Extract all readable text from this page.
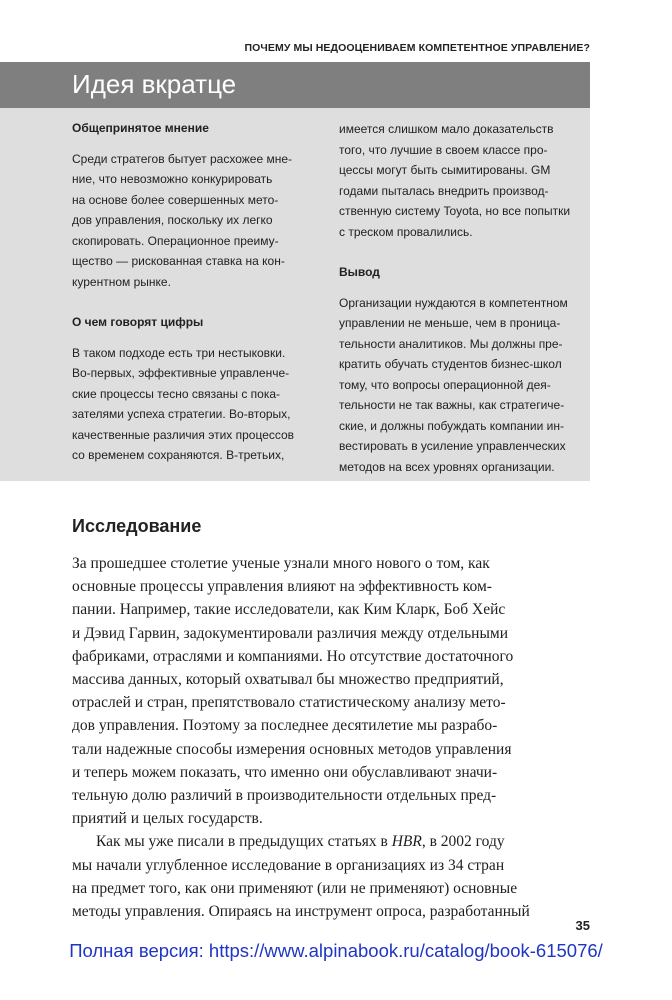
ПОЧЕМУ МЫ НЕДООЦЕНИВАЕМ КОМПЕТЕНТНОЕ УПРАВЛЕНИЕ?
Идея вкратце
Общепринятое мнение
Среди стратегов бытует расхожее мне-
ние, что невозможно конкурировать
на основе более совершенных мето-
дов управления, поскольку их легко
скопировать. Операционное преиму-
щество — рискованная ставка на кон-
курентном рынке.
О чем говорят цифры
В таком подходе есть три нестыковки.
Во-первых, эффективные управленче-
ские процессы тесно связаны с пока-
зателями успеха стратегии. Во-вторых,
качественные различия этих процессов
со временем сохраняются. В-третьих,
имеется слишком мало доказательств
того, что лучшие в своем классе про-
цессы могут быть сымитированы. GM
годами пыталась внедрить производ-
ственную систему Toyota, но все попытки
с треском провалились.
Вывод
Организации нуждаются в компетентном
управлении не меньше, чем в проница-
тельности аналитиков. Мы должны пре-
кратить обучать студентов бизнес-школ
тому, что вопросы операционной дея-
тельности не так важны, как стратегиче-
ские, и должны побуждать компании ин-
вестировать в усиление управленческих
методов на всех уровнях организации.
Исследование
За прошедшее столетие ученые узнали много нового о том, как
основные процессы управления влияют на эффективность ком-
пании. Например, такие исследователи, как Ким Кларк, Боб Хейс
и Дэвид Гарвин, задокументировали различия между отдельными
фабриками, отраслями и компаниями. Но отсутствие достаточного
массива данных, который охватывал бы множество предприятий,
отраслей и стран, препятствовало статистическому анализу мето-
дов управления. Поэтому за последнее десятилетие мы разрабо-
тали надежные способы измерения основных методов управления
и теперь можем показать, что именно они обуславливают значи-
тельную долю различий в производительности отдельных пред-
приятий и целых государств.
Как мы уже писали в предыдущих статьях в HBR, в 2002 году
мы начали углубленное исследование в организациях из 34 стран
на предмет того, как они применяют (или не применяют) основные
методы управления. Опираясь на инструмент опроса, разработанный
35
Полная версия: https://www.alpinabook.ru/catalog/book-615076/
